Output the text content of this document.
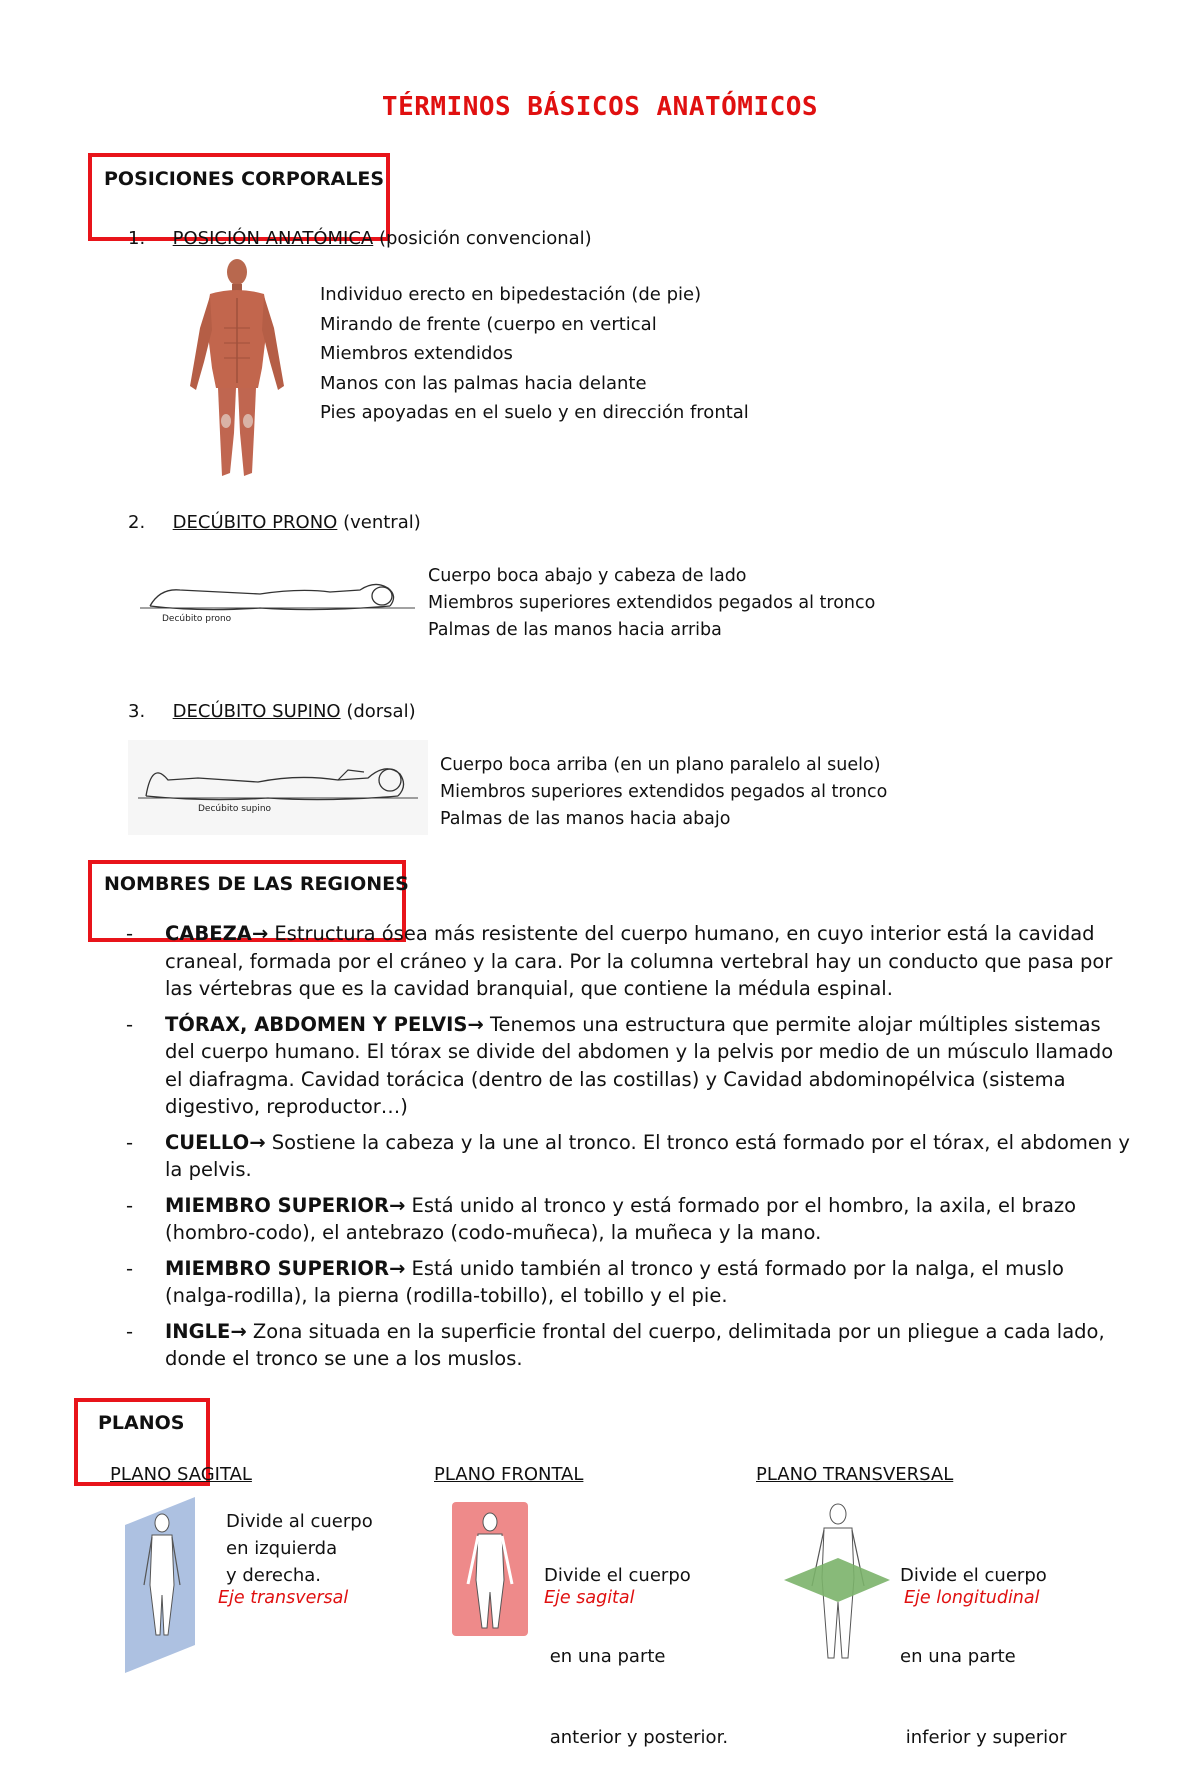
TÉRMINOS BÁSICOS ANATÓMICOS
POSICIONES CORPORALES
1. POSICIÓN ANATÓMICA (posición convencional)
Individuo erecto en bipedestación (de pie)
Mirando de frente (cuerpo en vertical
Miembros extendidos
Manos con las palmas hacia delante
Pies apoyadas en el suelo y en dirección frontal
2. DECÚBITO PRONO (ventral)
Decúbito prono
Cuerpo boca abajo y cabeza de lado
Miembros superiores extendidos pegados al tronco
Palmas de las manos hacia arriba
3. DECÚBITO SUPINO (dorsal)
Decúbito supino
Cuerpo boca arriba (en un plano paralelo al suelo)
Miembros superiores extendidos pegados al tronco
Palmas de las manos hacia abajo
NOMBRES DE LAS REGIONES
- CABEZA→ Estructura ósea más resistente del cuerpo humano, en cuyo interior está la cavidad craneal, formada por el cráneo y la cara. Por la columna vertebral hay un conducto que pasa por las vértebras que es la cavidad branquial, que contiene la médula espinal.
- TÓRAX, ABDOMEN Y PELVIS→ Tenemos una estructura que permite alojar múltiples sistemas del cuerpo humano. El tórax se divide del abdomen y la pelvis por medio de un músculo llamado el diafragma. Cavidad torácica (dentro de las costillas) y Cavidad abdominopélvica (sistema digestivo, reproductor…)
- CUELLO→ Sostiene la cabeza y la une al tronco. El tronco está formado por el tórax, el abdomen y la pelvis.
- MIEMBRO SUPERIOR→ Está unido al tronco y está formado por el hombro, la axila, el brazo (hombro-codo), el antebrazo (codo-muñeca), la muñeca y la mano.
- MIEMBRO SUPERIOR→ Está unido también al tronco y está formado por la nalga, el muslo (nalga-rodilla), la pierna (rodilla-tobillo), el tobillo y el pie.
- INGLE→ Zona situada en la superficie frontal del cuerpo, delimitada por un pliegue a cada lado, donde el tronco se une a los muslos.
PLANOS
PLANO SAGITAL
Divide al cuerpo
en izquierda
y derecha.
Eje transversal
PLANO FRONTAL

Divide el cuerpo

en una parte

anterior y posterior.

Eje sagital
PLANO TRANSVERSAL

Divide el cuerpo

en una parte

inferior y superior

Eje longitudinal
